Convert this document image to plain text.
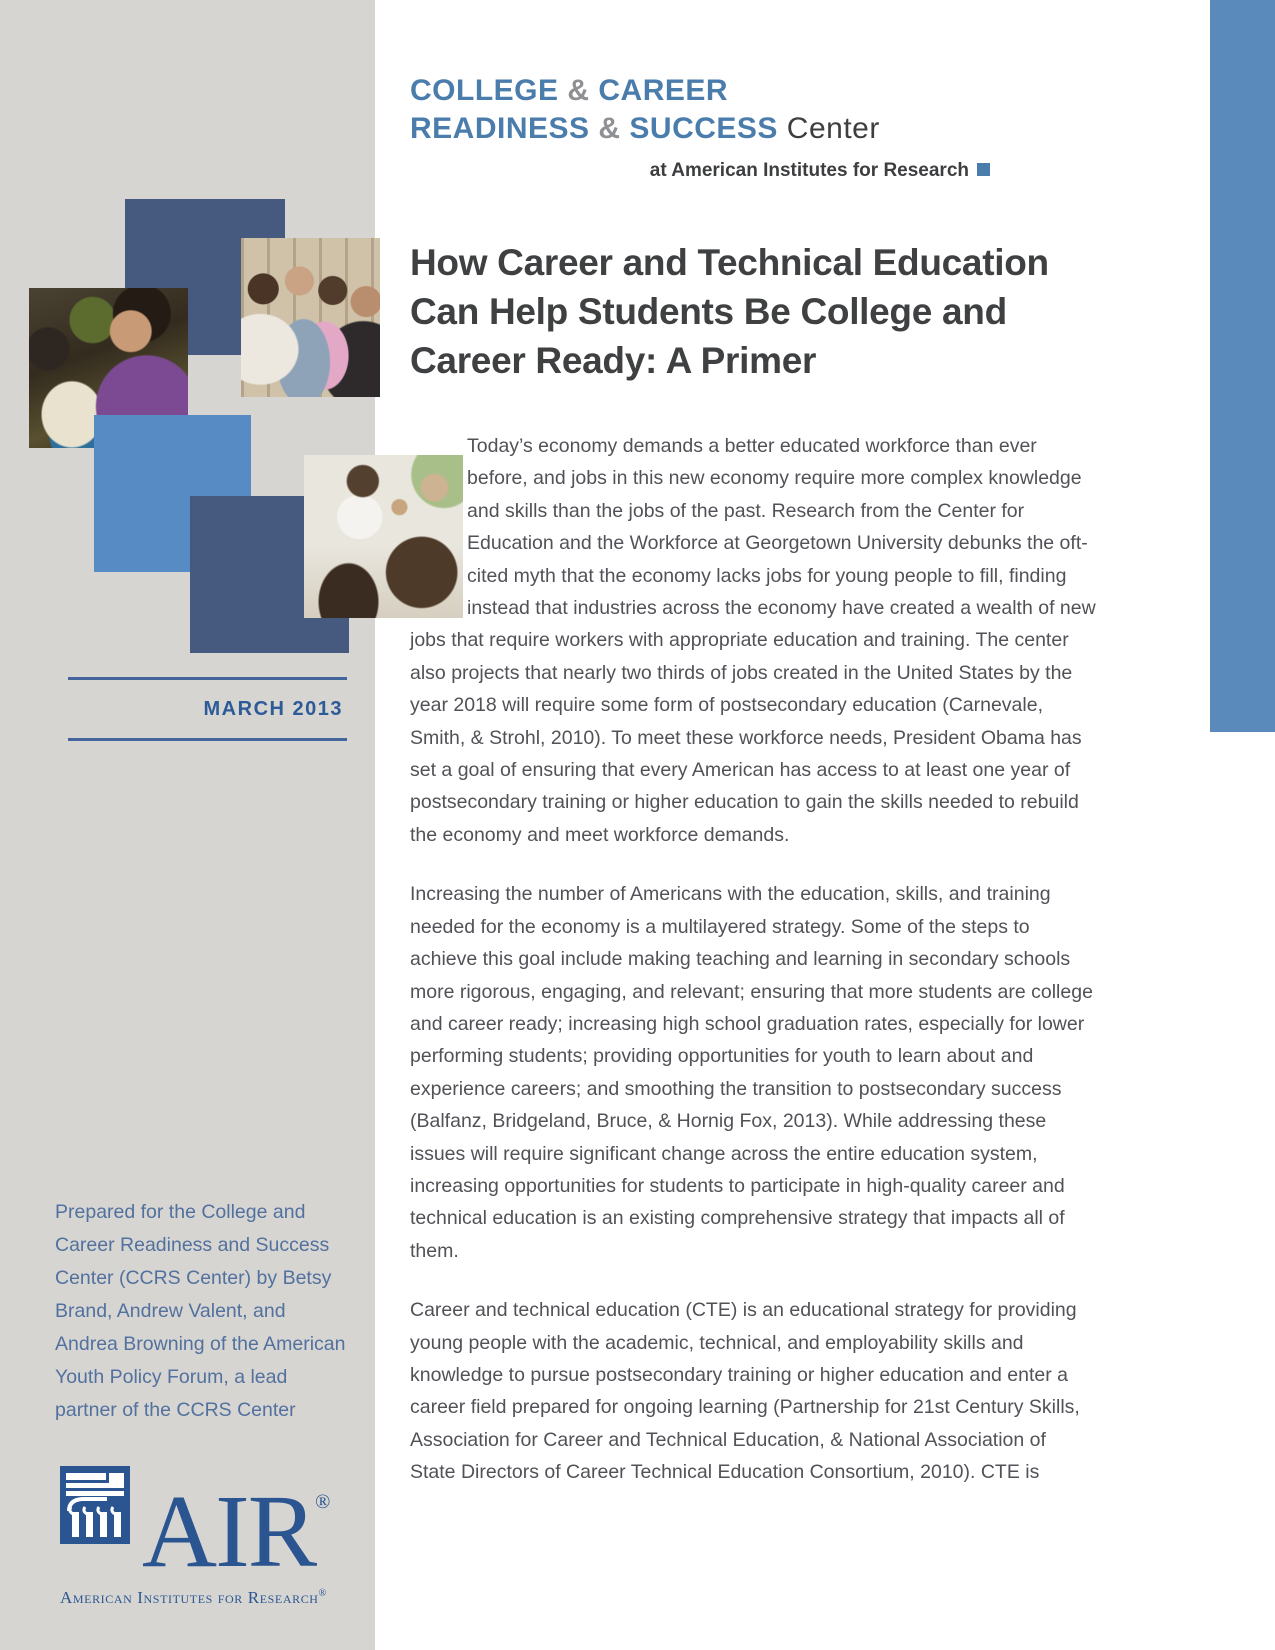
MARCH 2013
Prepared for the College and Career Readiness and Success Center (CCRS Center) by Betsy Brand, Andrew Valent, and Andrea Browning of the American Youth Policy Forum, a lead partner of the CCRS Center
AIR®
American Institutes for Research®
COLLEGE & CAREER
READINESS & SUCCESS Center
at American Institutes for Research
How Career and Technical Education Can Help Students Be College and Career Ready: A Primer

Today’s economy demands a better educated workforce than ever before, and jobs in this new economy require more complex knowledge and skills than the jobs of the past. Research from the Center for Education and the Workforce at Georgetown University debunks the oft-cited myth that the economy lacks jobs for young people to fill, finding instead that industries across the economy have created a wealth of new jobs that require workers with appropriate education and training. The center also projects that nearly two thirds of jobs created in the United States by the year 2018 will require some form of postsecondary education (Carnevale, Smith, & Strohl, 2010). To meet these workforce needs, President Obama has set a goal of ensuring that every American has access to at least one year of postsecondary training or higher education to gain the skills needed to rebuild the economy and meet workforce demands.

Increasing the number of Americans with the education, skills, and training needed for the economy is a multilayered strategy. Some of the steps to achieve this goal include making teaching and learning in secondary schools more rigorous, engaging, and relevant; ensuring that more students are college and career ready; increasing high school graduation rates, especially for lower performing students; providing opportunities for youth to learn about and experience careers; and smoothing the transition to postsecondary success (Balfanz, Bridgeland, Bruce, & Hornig Fox, 2013). While addressing these issues will require significant change across the entire education system, increasing opportunities for students to participate in high-quality career and technical education is an existing comprehensive strategy that impacts all of them.

Career and technical education (CTE) is an educational strategy for providing young people with the academic, technical, and employability skills and knowledge to pursue postsecondary training or higher education and enter a career field prepared for ongoing learning (Partnership for 21st Century Skills, Association for Career and Technical Education, & National Association of State Directors of Career Technical Education Consortium, 2010). CTE is
